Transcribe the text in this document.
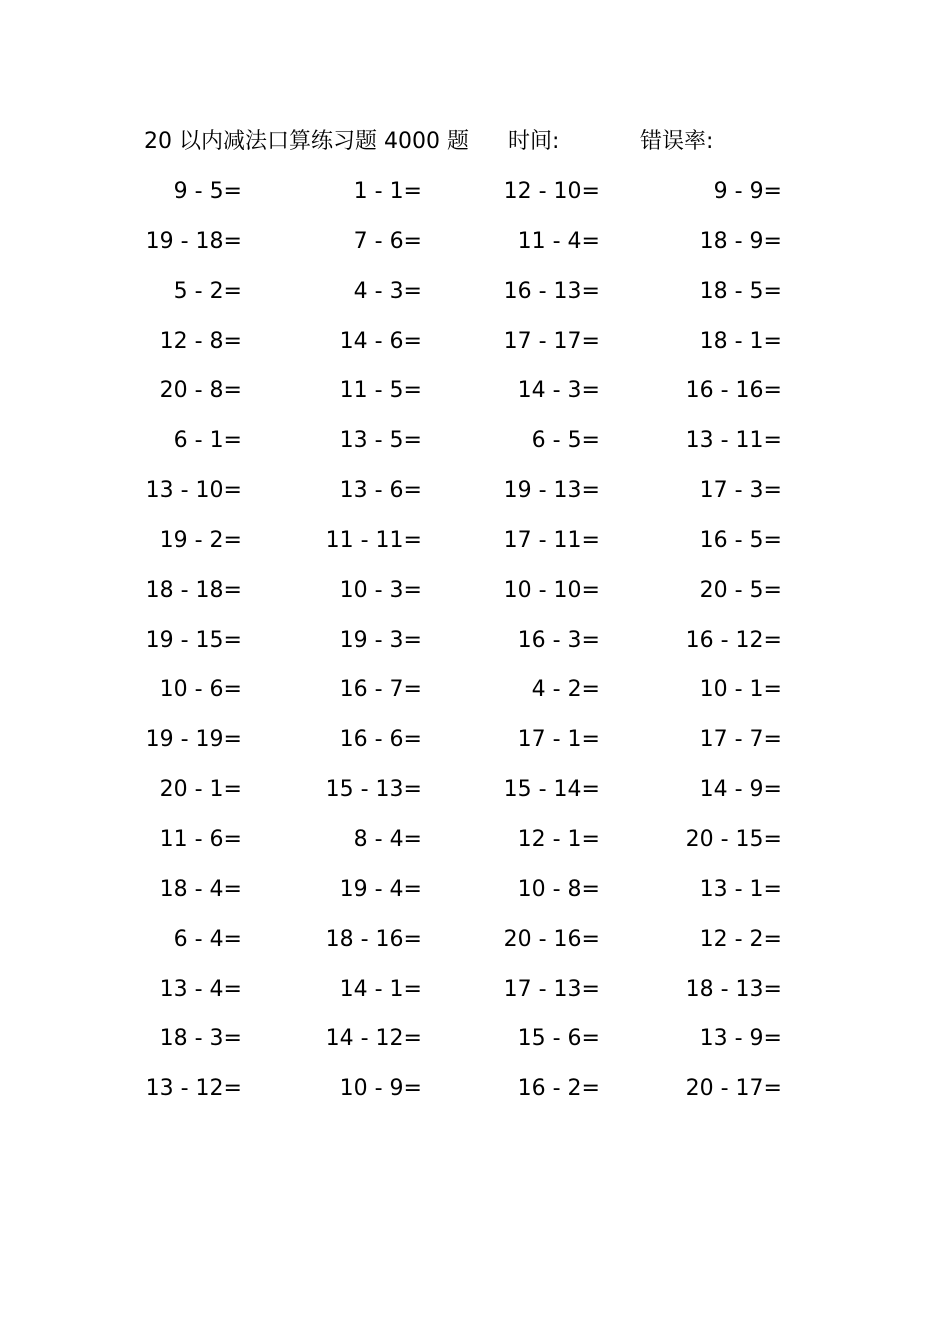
20 以内减法口算练习题 4000 题 时间:	错误率:
9 - 5=	1 - 1=	12 - 10=	9 - 9=
19 - 18=	7 - 6=	11 - 4=	18 - 9=
5 - 2=	4 - 3=	16 - 13=	18 - 5=
12 - 8=	14 - 6=	17 - 17=	18 - 1=
20 - 8=	11 - 5=	14 - 3=	16 - 16=
6 - 1=	13 - 5=	6 - 5=	13 - 11=
13 - 10=	13 - 6=	19 - 13=	17 - 3=
19 - 2=	11 - 11=	17 - 11=	16 - 5=
18 - 18=	10 - 3=	10 - 10=	20 - 5=
19 - 15=	19 - 3=	16 - 3=	16 - 12=
10 - 6=	16 - 7=	4 - 2=	10 - 1=
19 - 19=	16 - 6=	17 - 1=	17 - 7=
20 - 1=	15 - 13=	15 - 14=	14 - 9=
11 - 6=	8 - 4=	12 - 1=	20 - 15=
18 - 4=	19 - 4=	10 - 8=	13 - 1=
6 - 4=	18 - 16=	20 - 16=	12 - 2=
13 - 4=	14 - 1=	17 - 13=	18 - 13=
18 - 3=	14 - 12=	15 - 6=	13 - 9=
13 - 12=	10 - 9=	16 - 2=	20 - 17=
